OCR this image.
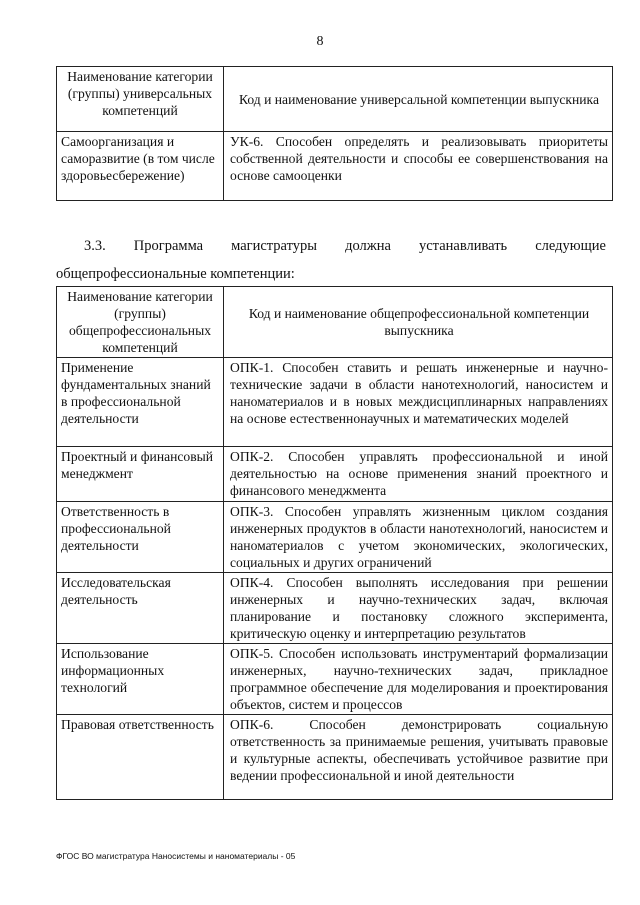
8
Наименование категории (группы) универсальных компетенций	Код и наименование универсальной компетенции выпускника
Самоорганизация и саморазвитие (в том числе здоровьесбережение)	УК-6. Способен определять и реализовывать приоритеты собственной деятельности и способы ее совершенствования на основе самооценки
3.3. Программа магистратуры должна устанавливать следующие
общепрофессиональные компетенции:
Наименование категории (группы) общепрофессиональных компетенций	Код и наименование общепрофессиональной компетенции выпускника
Применение фундаментальных знаний в профессиональной деятельности	ОПК-1. Способен ставить и решать инженерные и научно-технические задачи в области нанотехнологий, наносистем и наноматериалов и в новых междисциплинарных направлениях на основе естественнонаучных и математических моделей
Проектный и финансовый менеджмент	ОПК-2. Способен управлять профессиональной и иной деятельностью на основе применения знаний проектного и финансового менеджмента
Ответственность в профессиональной деятельности	ОПК-3. Способен управлять жизненным циклом создания инженерных продуктов в области нанотехнологий, наносистем и наноматериалов с учетом экономических, экологических, социальных и других ограничений
Исследовательская деятельность	ОПК-4. Способен выполнять исследования при решении инженерных и научно-технических задач, включая планирование и постановку сложного эксперимента, критическую оценку и интерпретацию результатов
Использование информационных технологий	ОПК-5. Способен использовать инструментарий формализации инженерных, научно-технических задач, прикладное программное обеспечение для моделирования и проектирования объектов, систем и процессов
Правовая ответственность	ОПК-6. Способен демонстрировать социальную ответственность за принимаемые решения, учитывать правовые и культурные аспекты, обеспечивать устойчивое развитие при ведении профессиональной и иной деятельности
ФГОС ВО магистратура Наносистемы и наноматериалы - 05
